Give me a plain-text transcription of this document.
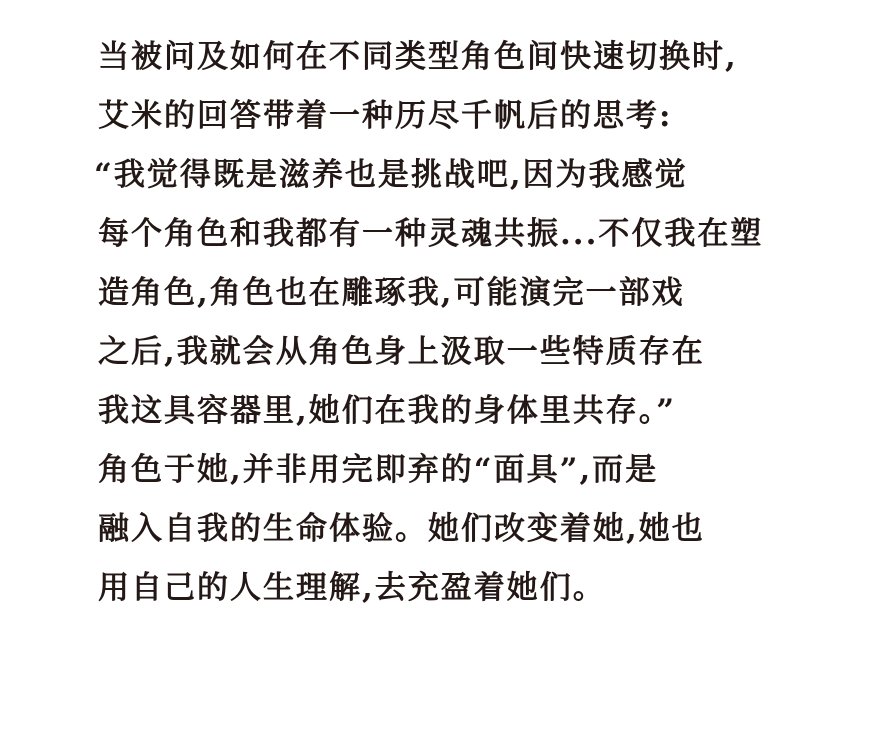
当被问及如何在不同类型角色间快速切换时,
艾米的回答带着一种历尽千帆后的思考:
“我觉得既是滋养也是挑战吧,因为我感觉
每个角色和我都有一种灵魂共振...不仅我在塑
造角色,角色也在雕琢我,可能演完一部戏
之后,我就会从角色身上汲取一些特质存在
我这具容器里,她们在我的身体里共存。”
角色于她,并非用完即弃的“面具”,而是
融入自我的生命体验。她们改变着她,她也
用自己的人生理解,去充盈着她们。
